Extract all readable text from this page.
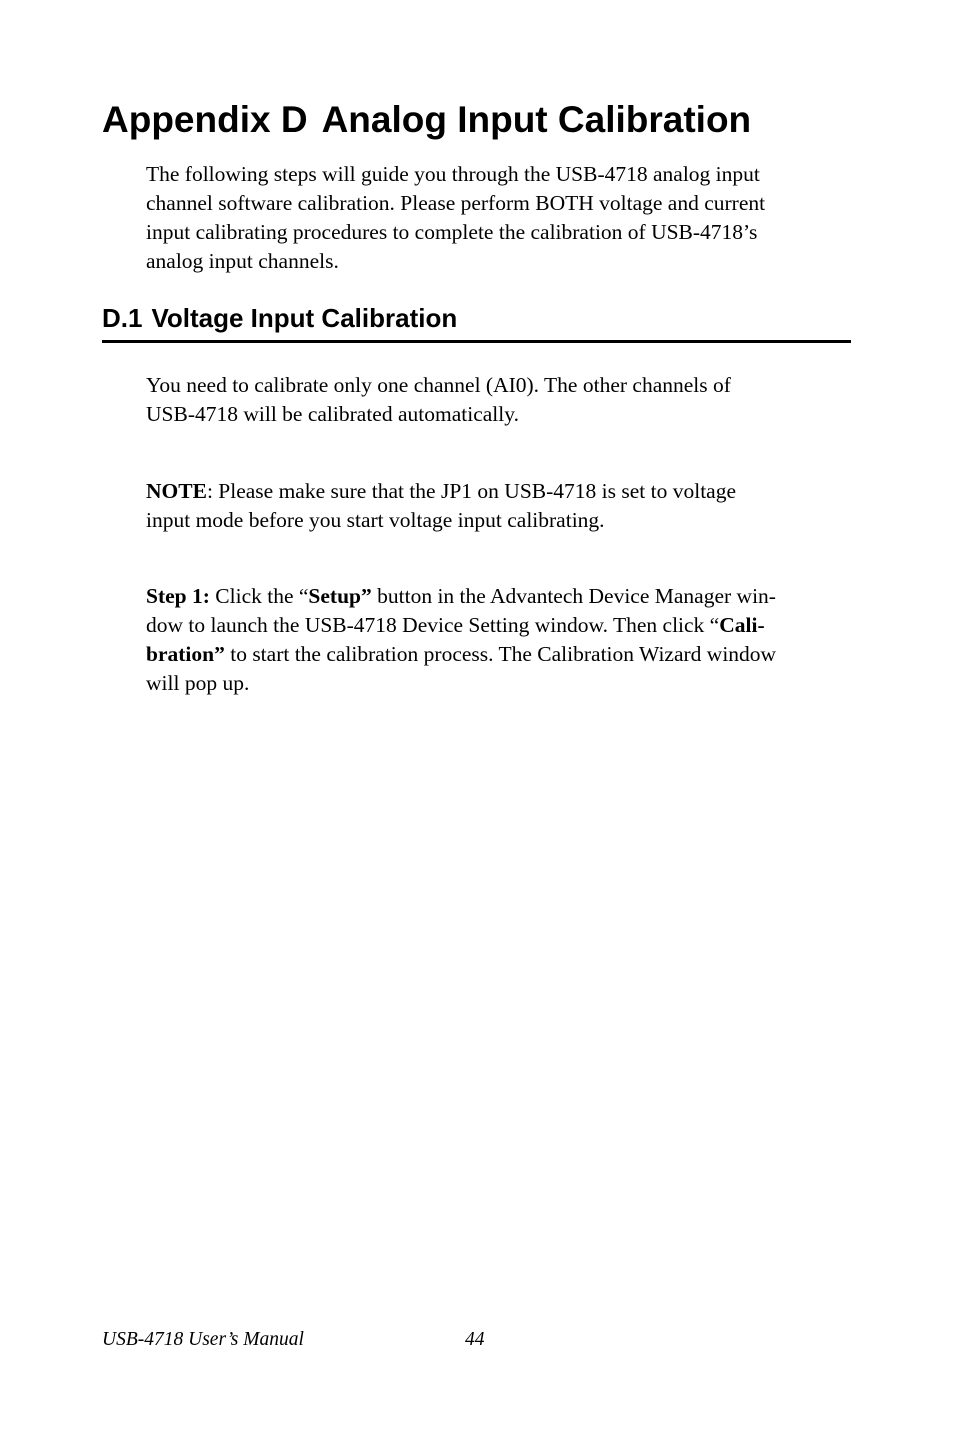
Appendix D Analog Input Calibration

The following steps will guide you through the USB-4718 analog input
channel software calibration. Please perform BOTH voltage and current
input calibrating procedures to complete the calibration of USB-4718’s
analog input channels.

D.1 Voltage Input Calibration

You need to calibrate only one channel (AI0). The other channels of
USB-4718 will be calibrated automatically.

NOTE: Please make sure that the JP1 on USB-4718 is set to voltage
input mode before you start voltage input calibrating.

Step 1: Click the “Setup” button in the Advantech Device Manager win-
dow to launch the USB-4718 Device Setting window. Then click “Cali-
bration” to start the calibration process. The Calibration Wizard window
will pop up.

USB-4718 User’s Manual	44
